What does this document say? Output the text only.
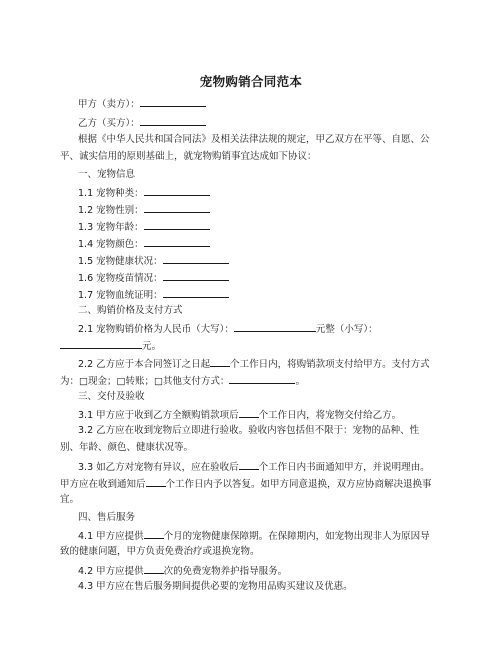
宠物购销合同范本
甲方（卖方）：
乙方（买方）：
根据《中华人民共和国合同法》及相关法律法规的规定，甲乙双方在平等、自愿、公
平、诚实信用的原则基础上，就宠物购销事宜达成如下协议：
一、宠物信息
1.1 宠物种类：
1.2 宠物性别：
1.3 宠物年龄：
1.4 宠物颜色：
1.5 宠物健康状况：
1.6 宠物疫苗情况：
1.7 宠物血统证明：
二、购销价格及支付方式
2.1 宠物购销价格为人民币（大写）：	元整（小写）：
元。
2.2 乙方应于本合同签订之日起 个工作日内，将购销款项支付给甲方。支付方式
为：□现金；□转账；□其他支付方式：	。
三、交付及验收
3.1 甲方应于收到乙方全额购销款项后 个工作日内，将宠物交付给乙方。
3.2 乙方应在收到宠物后立即进行验收。验收内容包括但不限于：宠物的品种、性
别、年龄、颜色、健康状况等。
3.3 如乙方对宠物有异议，应在验收后 个工作日内书面通知甲方，并说明理由。
甲方应在收到通知后 个工作日内予以答复。如甲方同意退换，双方应协商解决退换事
宜。
四、售后服务
4.1 甲方应提供 个月的宠物健康保障期。在保障期内，如宠物出现非人为原因导
致的健康问题，甲方负责免费治疗或退换宠物。
4.2 甲方应提供 次的免费宠物养护指导服务。
4.3 甲方应在售后服务期间提供必要的宠物用品购买建议及优惠。
